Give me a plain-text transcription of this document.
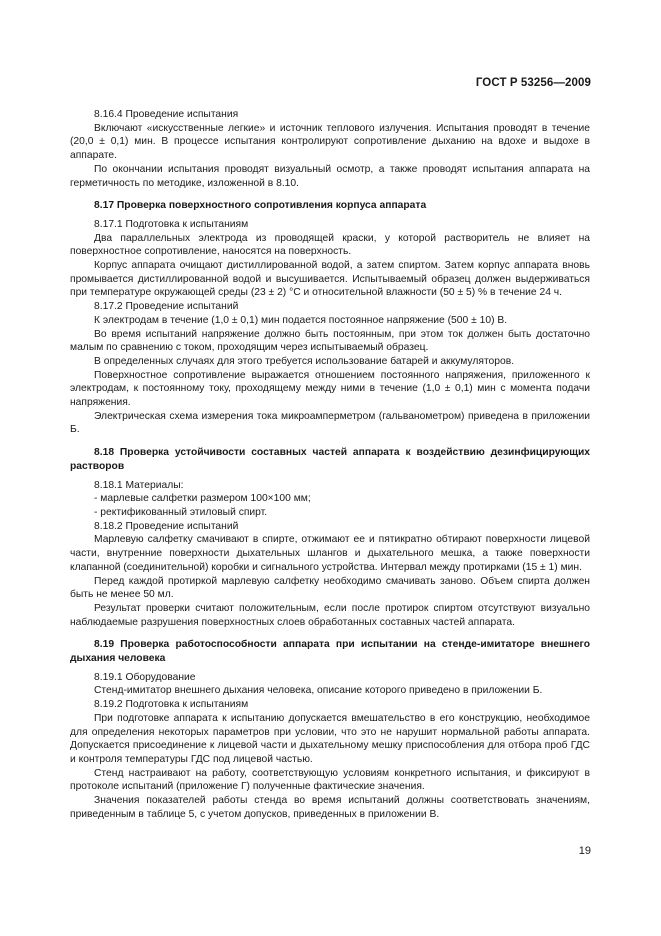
ГОСТ Р 53256—2009

8.16.4 Проведение испытания

Включают «искусственные легкие» и источник теплового излучения. Испытания проводят в течение (20,0 ± 0,1) мин. В процессе испытания контролируют сопротивление дыханию на вдохе и выдохе в аппарате.

По окончании испытания проводят визуальный осмотр, а также проводят испытания аппарата на герметичность по методике, изложенной в 8.10.

8.17 Проверка поверхностного сопротивления корпуса аппарата

8.17.1 Подготовка к испытаниям

Два параллельных электрода из проводящей краски, у которой растворитель не влияет на поверхностное сопротивление, наносятся на поверхность.

Корпус аппарата очищают дистиллированной водой, а затем спиртом. Затем корпус аппарата вновь промывается дистиллированной водой и высушивается. Испытываемый образец должен выдерживаться при температуре окружающей среды (23 ± 2) °С и относительной влажности (50 ± 5) % в течение 24 ч.

8.17.2 Проведение испытаний

К электродам в течение (1,0 ± 0,1) мин подается постоянное напряжение (500 ± 10) В.

Во время испытаний напряжение должно быть постоянным, при этом ток должен быть достаточно малым по сравнению с током, проходящим через испытываемый образец.

В определенных случаях для этого требуется использование батарей и аккумуляторов.

Поверхностное сопротивление выражается отношением постоянного напряжения, приложенного к электродам, к постоянному току, проходящему между ними в течение (1,0 ± 0,1) мин с момента подачи напряжения.

Электрическая схема измерения тока микроамперметром (гальванометром) приведена в приложении Б.

8.18 Проверка устойчивости составных частей аппарата к воздействию дезинфицирующих растворов

8.18.1 Материалы:

- марлевые салфетки размером 100×100 мм;

- ректификованный этиловый спирт.

8.18.2 Проведение испытаний

Марлевую салфетку смачивают в спирте, отжимают ее и пятикратно обтирают поверхности лицевой части, внутренние поверхности дыхательных шлангов и дыхательного мешка, а также поверхности клапанной (соединительной) коробки и сигнального устройства. Интервал между протирками (15 ± 1) мин.

Перед каждой протиркой марлевую салфетку необходимо смачивать заново. Объем спирта должен быть не менее 50 мл.

Результат проверки считают положительным, если после протирок спиртом отсутствуют визуально наблюдаемые разрушения поверхностных слоев обработанных составных частей аппарата.

8.19 Проверка работоспособности аппарата при испытании на стенде-имитаторе внешнего дыхания человека

8.19.1 Оборудование

Стенд-имитатор внешнего дыхания человека, описание которого приведено в приложении Б.

8.19.2 Подготовка к испытаниям

При подготовке аппарата к испытанию допускается вмешательство в его конструкцию, необходимое для определения некоторых параметров при условии, что это не нарушит нормальной работы аппарата. Допускается присоединение к лицевой части и дыхательному мешку приспособления для отбора проб ГДС и контроля температуры ГДС под лицевой частью.

Стенд настраивают на работу, соответствующую условиям конкретного испытания, и фиксируют в протоколе испытаний (приложение Г) полученные фактические значения.

Значения показателей работы стенда во время испытаний должны соответствовать значениям, приведенным в таблице 5, с учетом допусков, приведенных в приложении В.

19
